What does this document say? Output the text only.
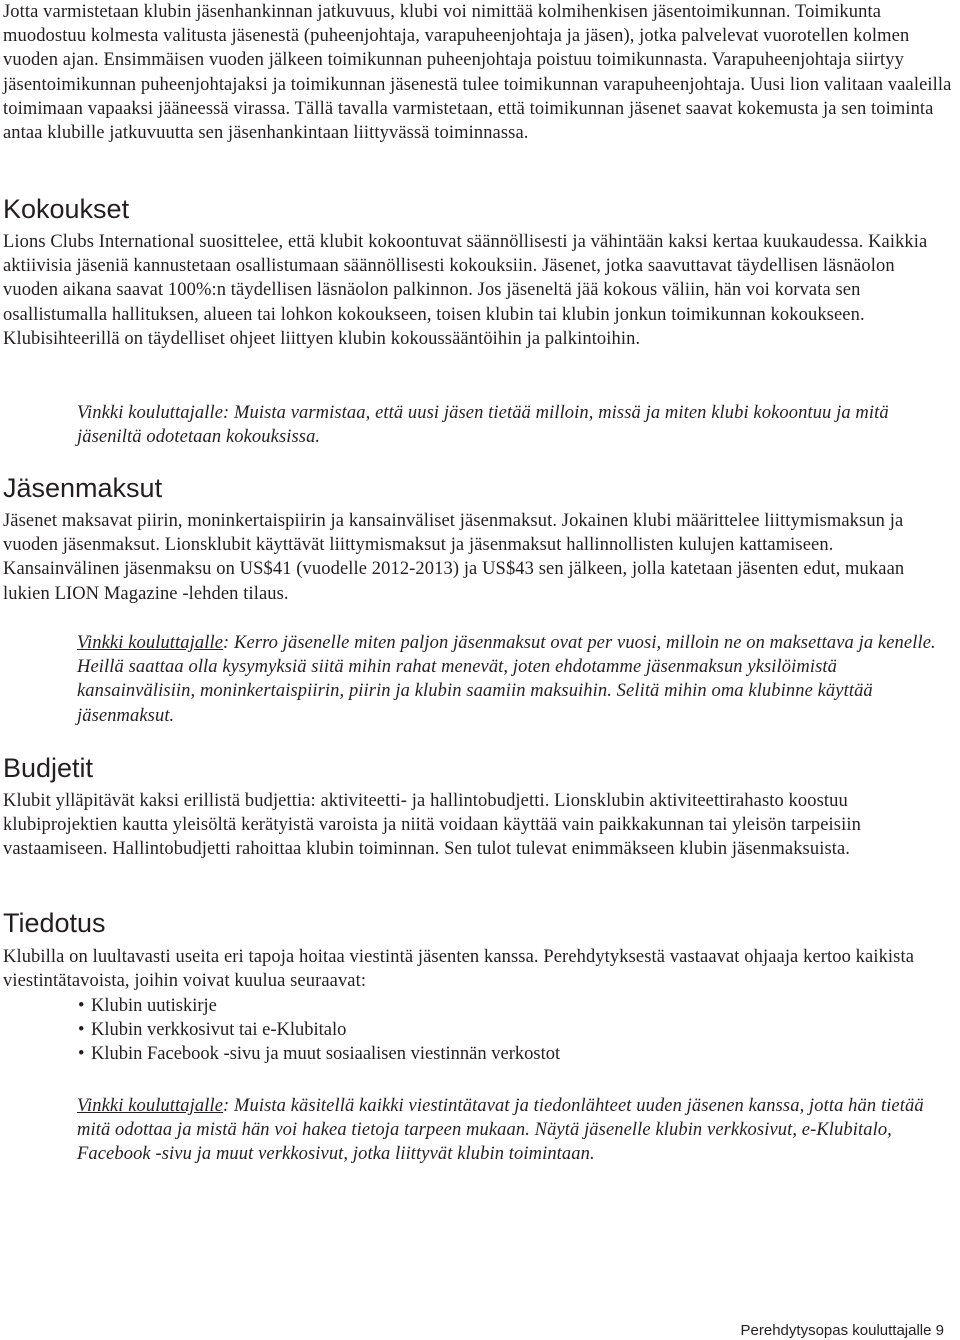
Jotta varmistetaan klubin jäsenhankinnan jatkuvuus, klubi voi nimittää kolmihenkisen jäsentoimikunnan. Toimikunta muodostuu kolmesta valitusta jäsenestä (puheenjohtaja, varapuheenjohtaja ja jäsen), jotka palvelevat vuorotellen kolmen vuoden ajan. Ensimmäisen vuoden jälkeen toimikunnan puheenjohtaja poistuu toimikunnasta. Varapuheenjohtaja siirtyy jäsentoimikunnan puheenjohtajaksi ja toimikunnan jäsenestä tulee toimikunnan varapuheenjohtaja. Uusi lion valitaan vaaleilla toimimaan vapaaksi jääneessä virassa. Tällä tavalla varmistetaan, että toimikunnan jäsenet saavat kokemusta ja sen toiminta antaa klubille jatkuvuutta sen jäsenhankintaan liittyvässä toiminnassa.

Kokoukset

Lions Clubs International suosittelee, että klubit kokoontuvat säännöllisesti ja vähintään kaksi kertaa kuukaudessa. Kaikkia aktiivisia jäseniä kannustetaan osallistumaan säännöllisesti kokouksiin. Jäsenet, jotka saavuttavat täydellisen läsnäolon vuoden aikana saavat 100%:n täydellisen läsnäolon palkinnon. Jos jäseneltä jää kokous väliin, hän voi korvata sen osallistumalla hallituksen, alueen tai lohkon kokoukseen, toisen klubin tai klubin jonkun toimikunnan kokoukseen. Klubisihteerillä on täydelliset ohjeet liittyen klubin kokoussääntöihin ja palkintoihin.

Vinkki kouluttajalle: Muista varmistaa, että uusi jäsen tietää milloin, missä ja miten klubi kokoontuu ja mitä jäseniltä odotetaan kokouksissa.

Jäsenmaksut

Jäsenet maksavat piirin, moninkertaispiirin ja kansainväliset jäsenmaksut. Jokainen klubi määrittelee liittymismaksun ja vuoden jäsenmaksut. Lionsklubit käyttävät liittymismaksut ja jäsenmaksut hallinnollisten kulujen kattamiseen. Kansainvälinen jäsenmaksu on US$41 (vuodelle 2012-2013) ja US$43 sen jälkeen, jolla katetaan jäsenten edut, mukaan lukien LION Magazine -lehden tilaus.

Vinkki kouluttajalle: Kerro jäsenelle miten paljon jäsenmaksut ovat per vuosi, milloin ne on maksettava ja kenelle. Heillä saattaa olla kysymyksiä siitä mihin rahat menevät, joten ehdotamme jäsenmaksun yksilöimistä kansainvälisiin, moninkertaispiirin, piirin ja klubin saamiin maksuihin. Selitä mihin oma klubinne käyttää jäsenmaksut.

Budjetit

Klubit ylläpitävät kaksi erillistä budjettia: aktiviteetti- ja hallintobudjetti. Lionsklubin aktiviteettirahasto koostuu klubiprojektien kautta yleisöltä kerätyistä varoista ja niitä voidaan käyttää vain paikkakunnan tai yleisön tarpeisiin vastaamiseen. Hallintobudjetti rahoittaa klubin toiminnan. Sen tulot tulevat enimmäkseen klubin jäsenmaksuista.

Tiedotus

Klubilla on luultavasti useita eri tapoja hoitaa viestintä jäsenten kanssa. Perehdytyksestä vastaavat ohjaaja kertoo kaikista viestintätavoista, joihin voivat kuulua seuraavat:

• Klubin uutiskirje
• Klubin verkkosivut tai e-Klubitalo
• Klubin Facebook -sivu ja muut sosiaalisen viestinnän verkostot

Vinkki kouluttajalle: Muista käsitellä kaikki viestintätavat ja tiedonlähteet uuden jäsenen kanssa, jotta hän tietää mitä odottaa ja mistä hän voi hakea tietoja tarpeen mukaan. Näytä jäsenelle klubin verkkosivut, e-Klubitalo, Facebook -sivu ja muut verkkosivut, jotka liittyvät klubin toimintaan.

Perehdytysopas kouluttajalle 9
